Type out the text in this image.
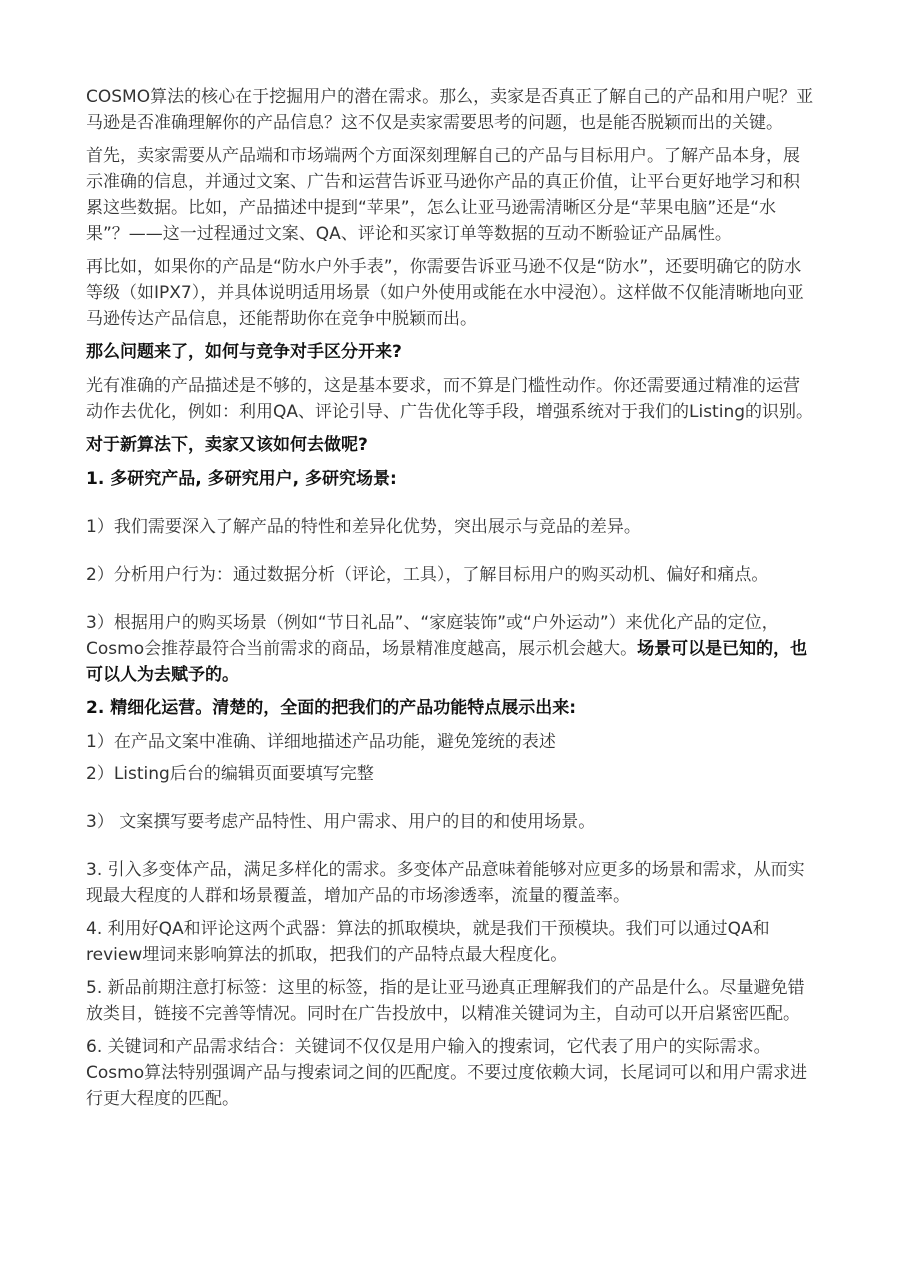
COSMO算法的核心在于挖掘用户的潜在需求。那么，卖家是否真正了解自己的产品和用户呢？亚马逊是否准确理解你的产品信息？这不仅是卖家需要思考的问题，也是能否脱颖而出的关键。

首先，卖家需要从产品端和市场端两个方面深刻理解自己的产品与目标用户。了解产品本身，展示准确的信息，并通过文案、广告和运营告诉亚马逊你产品的真正价值，让平台更好地学习和积累这些数据。比如，产品描述中提到“苹果”，怎么让亚马逊需清晰区分是“苹果电脑”还是“水果”？——这一过程通过文案、QA、评论和买家订单等数据的互动不断验证产品属性。

再比如，如果你的产品是“防水户外手表”，你需要告诉亚马逊不仅是“防水”，还要明确它的防水等级（如IPX7），并具体说明适用场景（如户外使用或能在水中浸泡）。这样做不仅能清晰地向亚马逊传达产品信息，还能帮助你在竞争中脱颖而出。

那么问题来了，如何与竞争对手区分开来?

光有准确的产品描述是不够的，这是基本要求，而不算是门槛性动作。你还需要通过精准的运营动作去优化，例如：利用QA、评论引导、广告优化等手段，增强系统对于我们的Listing的识别。

对于新算法下，卖家又该如何去做呢?

1. 多研究产品, 多研究用户, 多研究场景:

1）我们需要深入了解产品的特性和差异化优势，突出展示与竞品的差异。

2）分析用户行为：通过数据分析（评论，工具），了解目标用户的购买动机、偏好和痛点。

3）根据用户的购买场景（例如“节日礼品”、“家庭装饰”或“户外运动”）来优化产品的定位，Cosmo会推荐最符合当前需求的商品，场景精准度越高，展示机会越大。场景可以是已知的，也可以人为去赋予的。

2. 精细化运营。清楚的，全面的把我们的产品功能特点展示出来:

1）在产品文案中准确、详细地描述产品功能，避免笼统的表述

2）Listing后台的编辑页面要填写完整

3） 文案撰写要考虑产品特性、用户需求、用户的目的和使用场景。

3. 引入多变体产品，满足多样化的需求。多变体产品意味着能够对应更多的场景和需求，从而实现最大程度的人群和场景覆盖，增加产品的市场渗透率，流量的覆盖率。

4. 利用好QA和评论这两个武器：算法的抓取模块，就是我们干预模块。我们可以通过QA和review埋词来影响算法的抓取，把我们的产品特点最大程度化。

5. 新品前期注意打标签：这里的标签，指的是让亚马逊真正理解我们的产品是什么。尽量避免错放类目，链接不完善等情况。同时在广告投放中，以精准关键词为主，自动可以开启紧密匹配。

6. 关键词和产品需求结合：关键词不仅仅是用户输入的搜索词，它代表了用户的实际需求。Cosmo算法特别强调产品与搜索词之间的匹配度。不要过度依赖大词，长尾词可以和用户需求进行更大程度的匹配。
